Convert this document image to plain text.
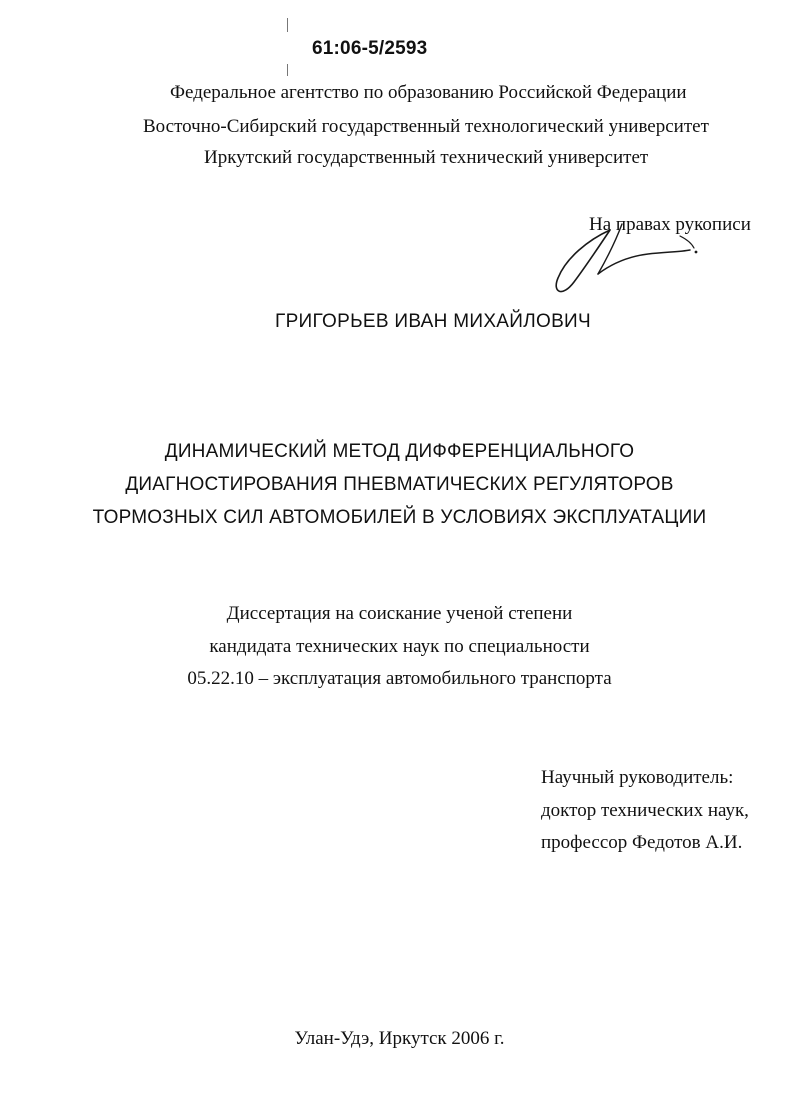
61:06-5/2593
Федеральное агентство по образованию Российской Федерации
Восточно-Сибирский государственный технологический университет
Иркутский государственный технический университет
На правах рукописи
ГРИГОРЬЕВ ИВАН МИХАЙЛОВИЧ
ДИНАМИЧЕСКИЙ МЕТОД ДИФФЕРЕНЦИАЛЬНОГО
ДИАГНОСТИРОВАНИЯ ПНЕВМАТИЧЕСКИХ РЕГУЛЯТОРОВ
ТОРМОЗНЫХ СИЛ АВТОМОБИЛЕЙ В УСЛОВИЯХ ЭКСПЛУАТАЦИИ
Диссертация на соискание ученой степени
кандидата технических наук по специальности
05.22.10 – эксплуатация автомобильного транспорта
Научный руководитель:
доктор технических наук,
профессор Федотов А.И.
Улан-Удэ, Иркутск 2006 г.
